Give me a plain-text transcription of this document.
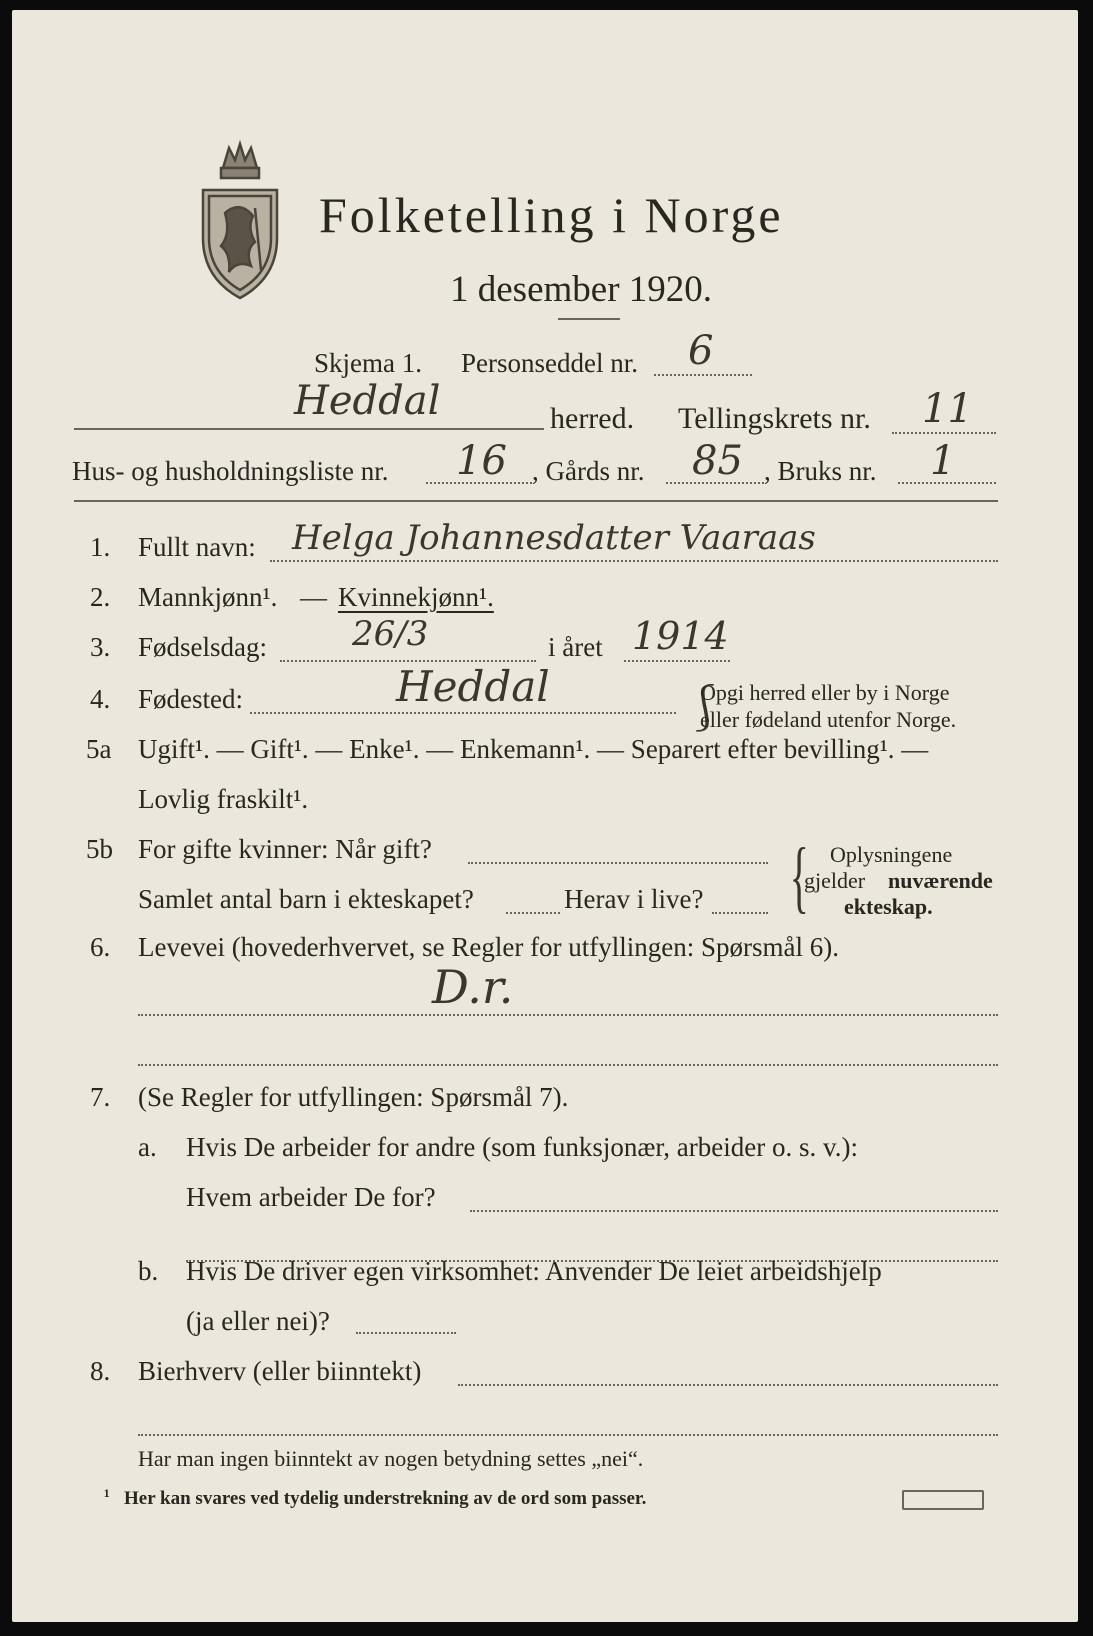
Folketelling i Norge
1 desember 1920.
Skjema 1. Personseddel nr. 6
Heddal	herred. Tellingskrets nr. 11
Hus- og husholdningsliste nr. 16 , Gårds nr. 85 , Bruks nr. 1
1. Fullt navn: Helga Johannesdatter Vaaraas
2. Mannkjønn¹. — Kvinnekjønn¹.
3. Fødselsdag: 26/3	i året 1914
4. Fødested:	Heddal	⎰
Opgi herred eller by i Norge
eller fødeland utenfor Norge.
5a Ugift¹. — Gift¹. — Enke¹. — Enkemann¹. — Separert efter bevilling¹. —
Lovlig fraskilt¹.
5b For gifte kvinner: Når gift?
Samlet antal barn i ekteskapet?	Herav i live? { Oplysningene
gjelder nuværende
ekteskap.
6. Levevei (hovederhvervet, se Regler for utfyllingen: Spørsmål 6).
D.r.
7. (Se Regler for utfyllingen: Spørsmål 7).
a. Hvis De arbeider for andre (som funksjonær, arbeider o. s. v.):
Hvem arbeider De for?
b. Hvis De driver egen virksomhet: Anvender De leiet arbeidshjelp
(ja eller nei)?
8. Bierhverv (eller biinntekt)
Har man ingen biinntekt av nogen betydning settes „nei“.
¹ Her kan svares ved tydelig understrekning av de ord som passer.
